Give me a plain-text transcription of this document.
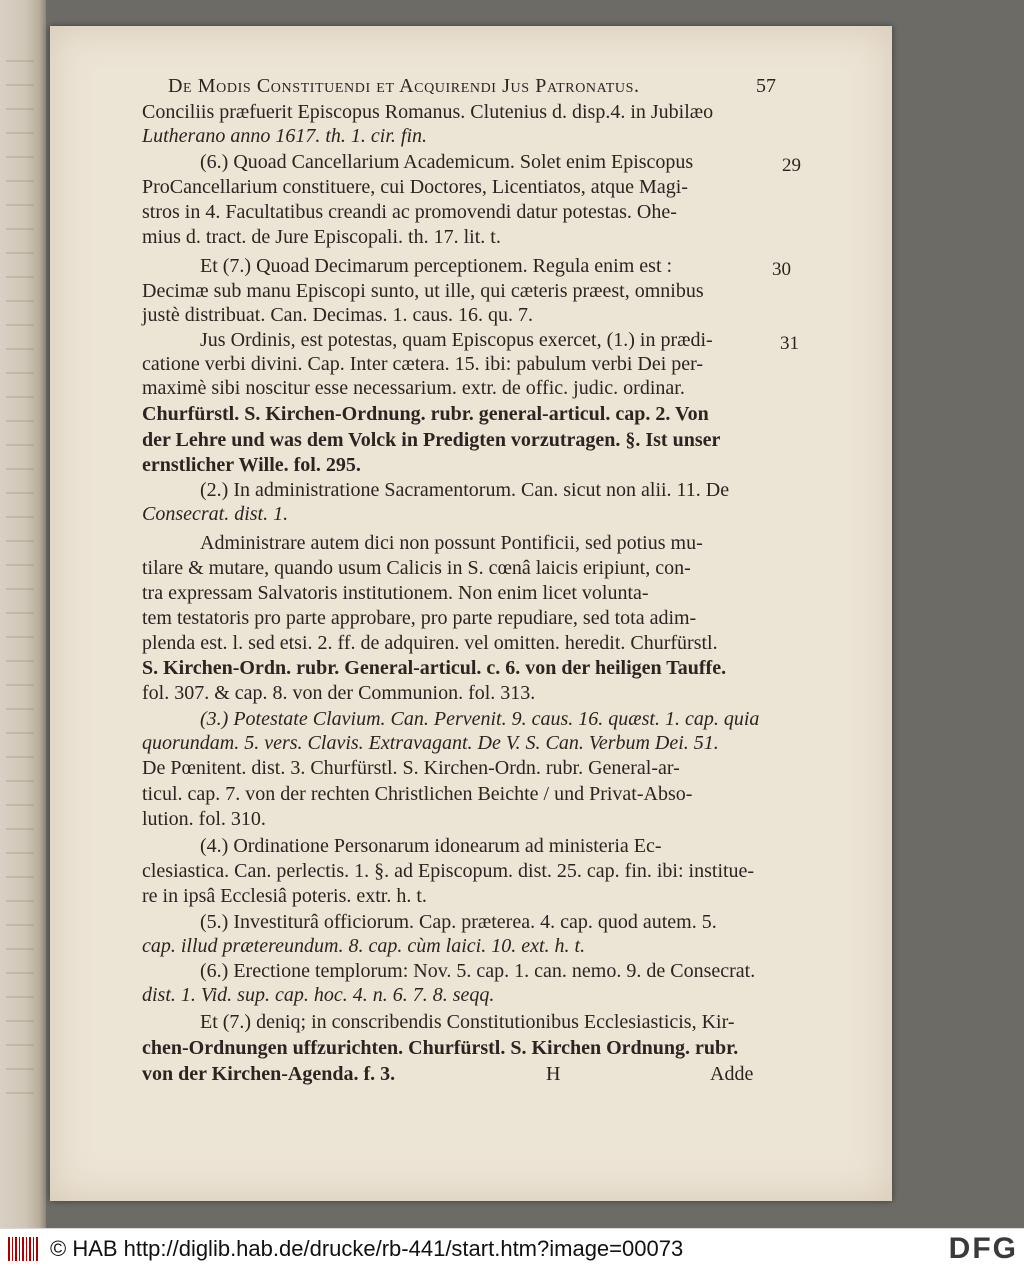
De Modis Constituendi et Acquirendi Jus Patronatus.	57
Conciliis præfuerit Episcopus Romanus. Clutenius d. disp.4. in Jubilæo
Lutherano anno 1617. th. 1. cir. fin.
(6.) Quoad Cancellarium Academicum. Solet enim Episcopus	29
ProCancellarium constituere, cui Doctores, Licentiatos, atque Magi-
stros in 4. Facultatibus creandi ac promovendi datur potestas. Ohe-
mius d. tract. de Jure Episcopali. th. 17. lit. t.
Et (7.) Quoad Decimarum perceptionem. Regula enim est :	30
Decimæ sub manu Episcopi sunto, ut ille, qui cæteris præest, omnibus
justè distribuat. Can. Decimas. 1. caus. 16. qu. 7.
Jus Ordinis, est potestas, quam Episcopus exercet, (1.) in prædi-	31
catione verbi divini. Cap. Inter cætera. 15. ibi: pabulum verbi Dei per-
maximè sibi noscitur esse necessarium. extr. de offic. judic. ordinar.
Churfürstl. S. Kirchen-Ordnung. rubr. general-articul. cap. 2. Von
der Lehre und was dem Volck in Predigten vorzutragen. §. Ist unser
ernstlicher Wille. fol. 295.
(2.) In administratione Sacramentorum. Can. sicut non alii. 11. De
Consecrat. dist. 1.
Administrare autem dici non possunt Pontificii, sed potius mu-
tilare & mutare, quando usum Calicis in S. cœnâ laicis eripiunt, con-
tra expressam Salvatoris institutionem. Non enim licet volunta-
tem testatoris pro parte approbare, pro parte repudiare, sed tota adim-
plenda est. l. sed etsi. 2. ff. de adquiren. vel omitten. heredit. Churfürstl.
S. Kirchen-Ordn. rubr. General-articul. c. 6. von der heiligen Tauffe.
fol. 307. & cap. 8. von der Communion. fol. 313.
(3.) Potestate Clavium. Can. Pervenit. 9. caus. 16. quæst. 1. cap. quia
quorundam. 5. vers. Clavis. Extravagant. De V. S. Can. Verbum Dei. 51.
De Pœnitent. dist. 3. Churfürstl. S. Kirchen-Ordn. rubr. General-ar-
ticul. cap. 7. von der rechten Christlichen Beichte / und Privat-Abso-
lution. fol. 310.
(4.) Ordinatione Personarum idonearum ad ministeria Ec-
clesiastica. Can. perlectis. 1. §. ad Episcopum. dist. 25. cap. fin. ibi: institue-
re in ipsâ Ecclesiâ poteris. extr. h. t.
(5.) Investiturâ officiorum. Cap. præterea. 4. cap. quod autem. 5.
cap. illud prætereundum. 8. cap. cùm laici. 10. ext. h. t.
(6.) Erectione templorum: Nov. 5. cap. 1. can. nemo. 9. de Consecrat.
dist. 1. Vid. sup. cap. hoc. 4. n. 6. 7. 8. seqq.
Et (7.) deniq; in conscribendis Constitutionibus Ecclesiasticis, Kir-
chen-Ordnungen uffzurichten. Churfürstl. S. Kirchen Ordnung. rubr.
von der Kirchen-Agenda. f. 3.	H	Adde
© HAB http://diglib.hab.de/drucke/rb-441/start.htm?image=00073	DFG
